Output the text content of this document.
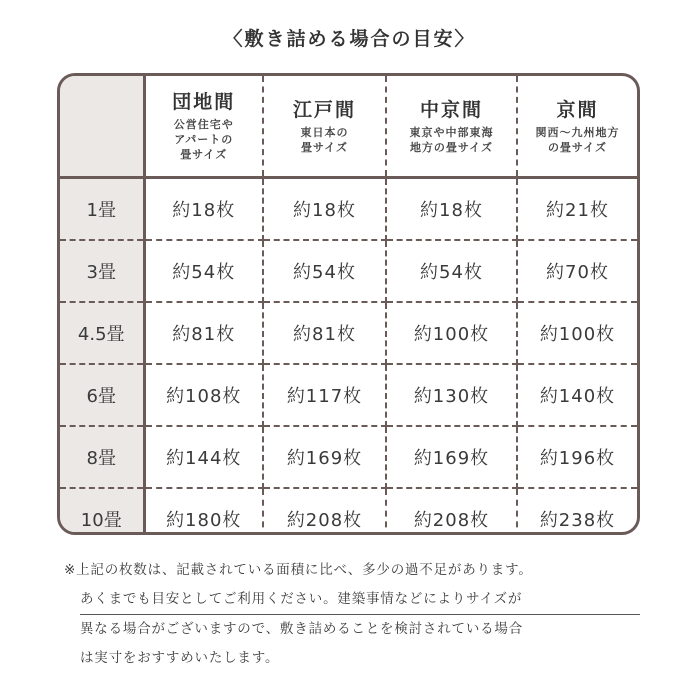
〈敷き詰める場合の目安〉

	団地間
公営住宅や
アパートの
畳サイズ	江戸間
東日本の
畳サイズ	中京間
東京や中部東海
地方の畳サイズ	京間
関西～九州地方
の畳サイズ

1畳	約18枚	約18枚	約18枚	約21枚
3畳	約54枚	約54枚	約54枚	約70枚
4.5畳	約81枚	約81枚	約100枚	約100枚
6畳	約108枚	約117枚	約130枚	約140枚
8畳	約144枚	約169枚	約169枚	約196枚
10畳	約180枚	約208枚	約208枚	約238枚

※上記の枚数は、記載されている面積に比べ、多少の過不足があります。

あくまでも目安としてご利用ください。建築事情などによりサイズが

異なる場合がございますので、敷き詰めることを検討されている場合

は実寸をおすすめいたします。
